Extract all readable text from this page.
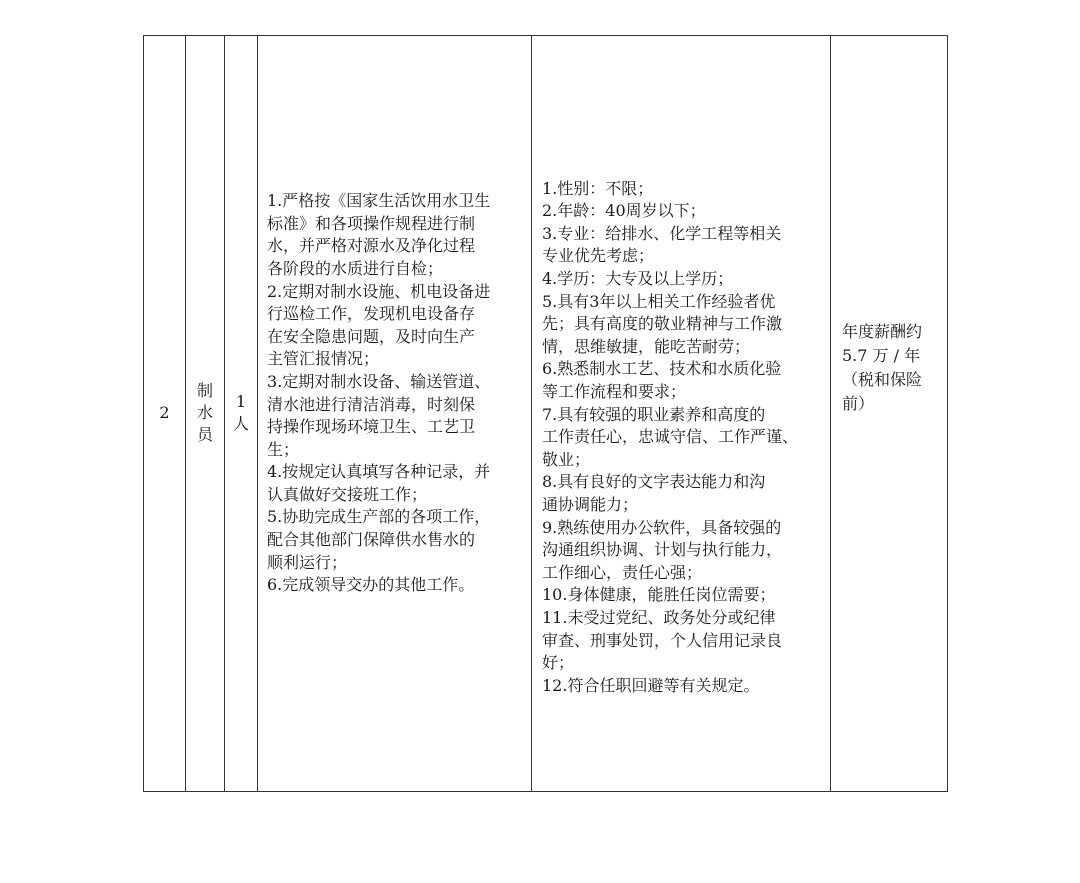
2	制水员	1人	
1.严格按《国家生活饮用水卫生
标准》和各项操作规程进行制
水，并严格对源水及净化过程
各阶段的水质进行自检；
2.定期对制水设施、机电设备进
行巡检工作，发现机电设备存
在安全隐患问题，及时向生产
主管汇报情况；
3.定期对制水设备、输送管道、
清水池进行清洁消毒，时刻保
持操作现场环境卫生、工艺卫
生；
4.按规定认真填写各种记录，并
认真做好交接班工作；
5.协助完成生产部的各项工作，
配合其他部门保障供水售水的
顺利运行；
6.完成领导交办的其他工作。

1.性别：不限；
2.年龄：40周岁以下；
3.专业：给排水、化学工程等相关
专业优先考虑；
4.学历：大专及以上学历；
5.具有3年以上相关工作经验者优
先；具有高度的敬业精神与工作激
情，思维敏捷，能吃苦耐劳；
6.熟悉制水工艺、技术和水质化验
等工作流程和要求；
7.具有较强的职业素养和高度的
工作责任心，忠诚守信、工作严谨、
敬业；
8.具有良好的文字表达能力和沟
通协调能力；
9.熟练使用办公软件，具备较强的
沟通组织协调、计划与执行能力，
工作细心，责任心强；
10.身体健康，能胜任岗位需要；
11.未受过党纪、政务处分或纪律
审查、刑事处罚，个人信用记录良
好；
12.符合任职回避等有关规定。

年度薪酬约
5.7 万 / 年
（税和保险
前）
